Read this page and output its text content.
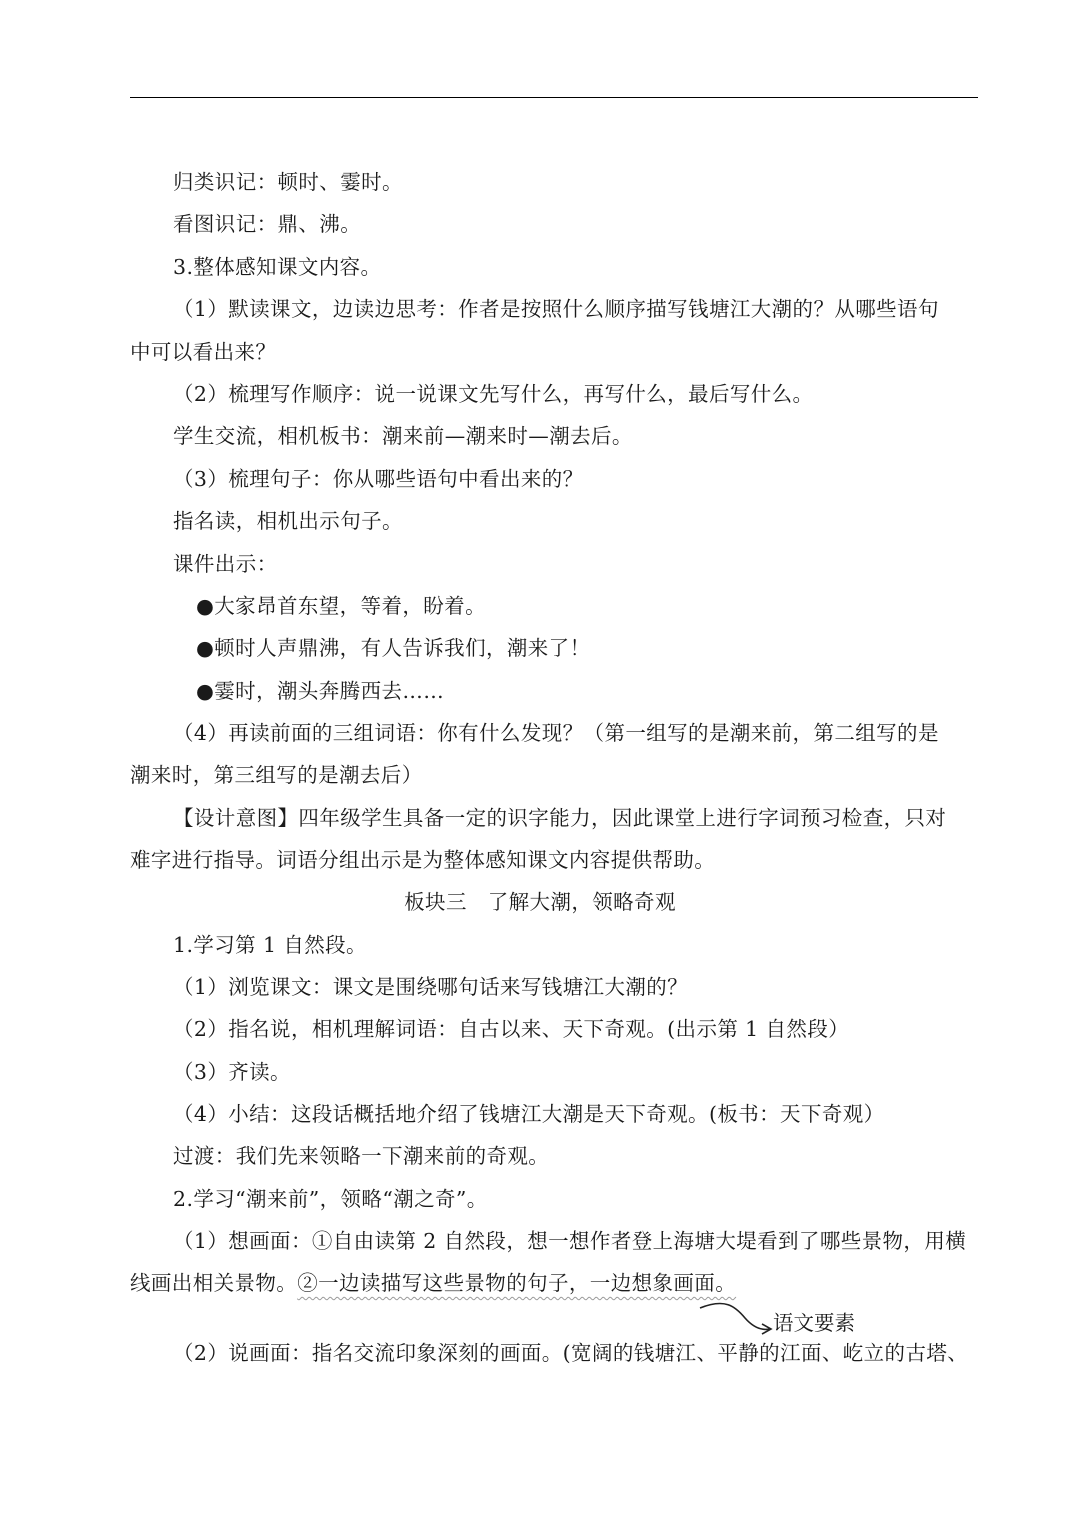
归类识记：顿时、霎时。
看图识记：鼎、沸。
3.整体感知课文内容。
（1）默读课文，边读边思考：作者是按照什么顺序描写钱塘江大潮的？从哪些语句
中可以看出来？
（2）梳理写作顺序：说一说课文先写什么，再写什么，最后写什么。
学生交流，相机板书：潮来前—潮来时—潮去后。
（3）梳理句子：你从哪些语句中看出来的？
指名读，相机出示句子。
课件出示：
●大家昂首东望，等着，盼着。
●顿时人声鼎沸，有人告诉我们，潮来了！
●霎时，潮头奔腾西去……
（4）再读前面的三组词语：你有什么发现？（第一组写的是潮来前，第二组写的是
潮来时，第三组写的是潮去后）
【设计意图】四年级学生具备一定的识字能力，因此课堂上进行字词预习检查，只对
难字进行指导。词语分组出示是为整体感知课文内容提供帮助。
板块三　了解大潮，领略奇观
1.学习第 1 自然段。
（1）浏览课文：课文是围绕哪句话来写钱塘江大潮的？
（2）指名说，相机理解词语：自古以来、天下奇观。(出示第 1 自然段）
（3）齐读。
（4）小结：这段话概括地介绍了钱塘江大潮是天下奇观。(板书：天下奇观）
过渡：我们先来领略一下潮来前的奇观。
2.学习“潮来前”，领略“潮之奇”。
（1）想画面：①自由读第 2 自然段，想一想作者登上海塘大堤看到了哪些景物，用横
线画出相关景物。②一边读描写这些景物的句子，一边想象画面。
语文要素
（2）说画面：指名交流印象深刻的画面。(宽阔的钱塘江、平静的江面、屹立的古塔、
